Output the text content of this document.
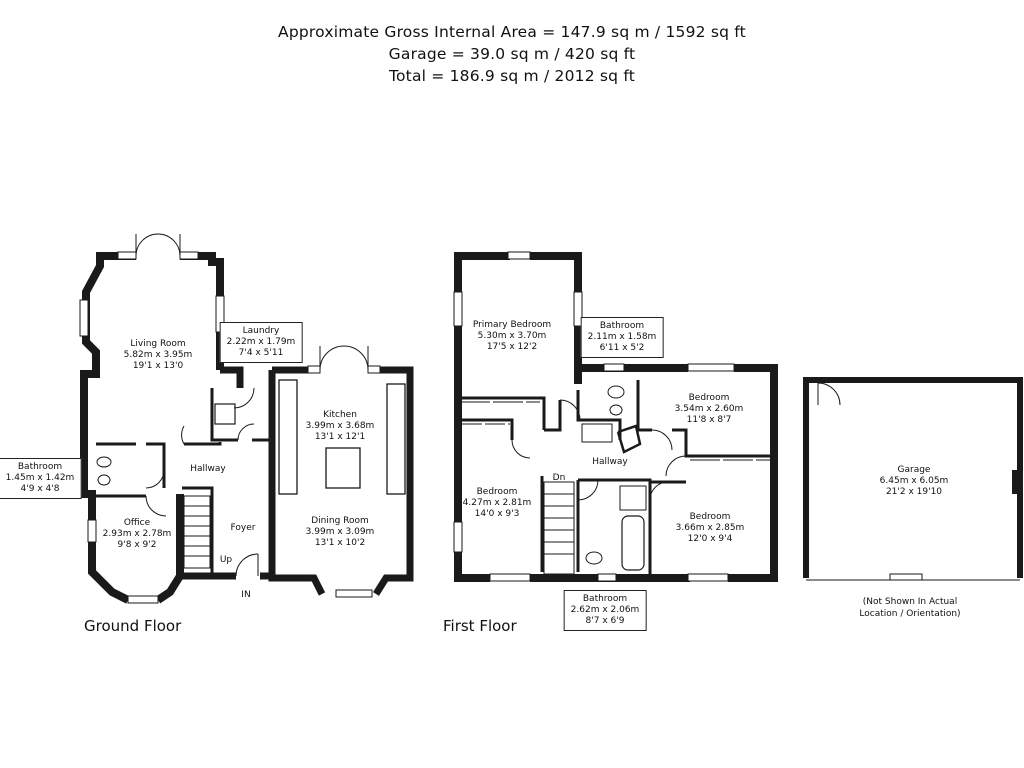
Approximate Gross Internal Area = 147.9 sq m / 1592 sq ft
Garage = 39.0 sq m / 420 sq ft
Total = 186.9 sq m / 2012 sq ft
Living Room
5.82m x 3.95m
19'1 x 13'0
Laundry
2.22m x 1.79m
7'4 x 5'11
Kitchen
3.99m x 3.68m
13'1 x 12'1
Bathroom
1.45m x 1.42m
4'9 x 4'8
Office
2.93m x 2.78m
9'8 x 9'2
Dining Room
3.99m x 3.09m
13'1 x 10'2
Hallway
Foyer
Up
IN
Primary Bedroom
5.30m x 3.70m
17'5 x 12'2
Bathroom
2.11m x 1.58m
6'11 x 5'2
Bedroom
3.54m x 2.60m
11'8 x 8'7
Bedroom
4.27m x 2.81m
14'0 x 9'3	Bedroom
3.66m x 2.85m
12'0 x 9'4
Bathroom
2.62m x 2.06m
8'7 x 6'9
Hallway
Dn
Garage
6.45m x 6.05m
21'2 x 19'10
(Not Shown In Actual
Location / Orientation)
Ground Floor	First Floor
